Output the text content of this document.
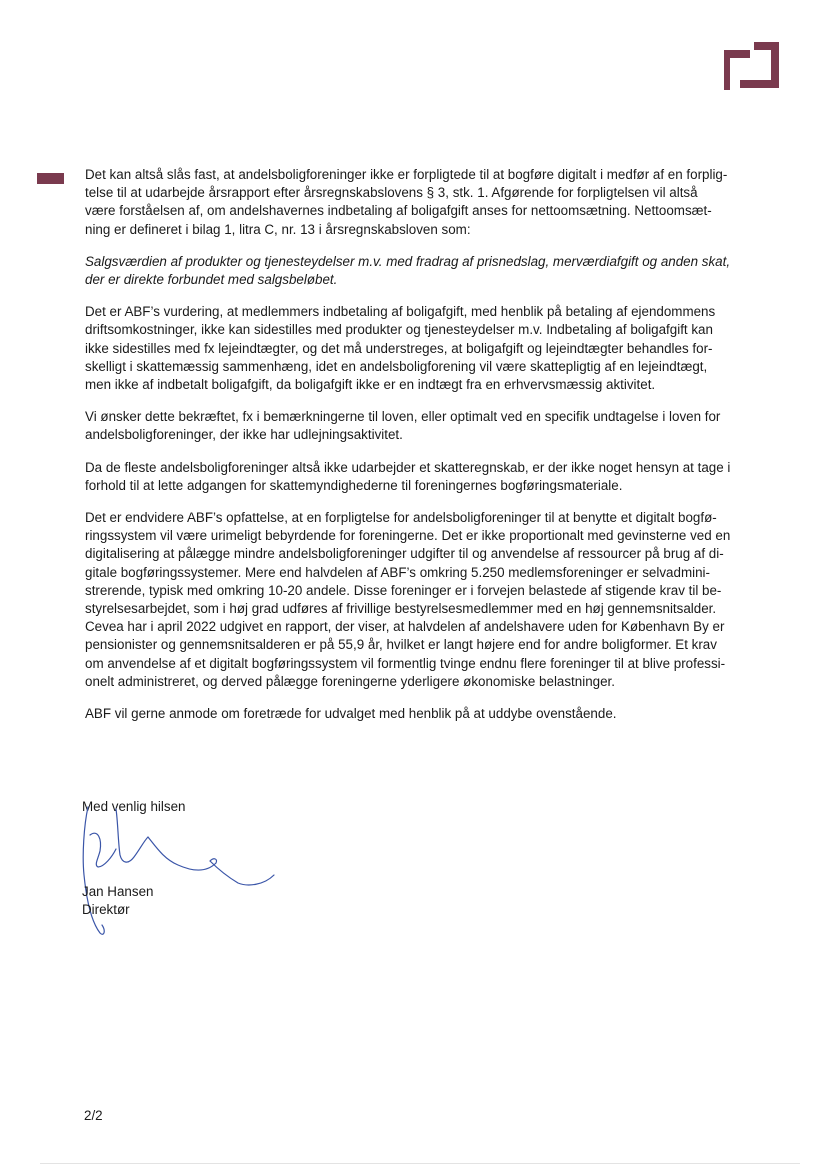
Det kan altså slås fast, at andelsboligforeninger ikke er forpligtede til at bogføre digitalt i medfør af en forplig-

telse til at udarbejde årsrapport efter årsregnskabslovens § 3, stk. 1. Afgørende for forpligtelsen vil altså

være forståelsen af, om andelshavernes indbetaling af boligafgift anses for nettoomsætning. Nettoomsæt-

ning er defineret i bilag 1, litra C, nr. 13 i årsregnskabsloven som:

Salgsværdien af produkter og tjenesteydelser m.v. med fradrag af prisnedslag, merværdiafgift og anden skat,

der er direkte forbundet med salgsbeløbet.

Det er ABF’s vurdering, at medlemmers indbetaling af boligafgift, med henblik på betaling af ejendommens

driftsomkostninger, ikke kan sidestilles med produkter og tjenesteydelser m.v. Indbetaling af boligafgift kan

ikke sidestilles med fx lejeindtægter, og det må understreges, at boligafgift og lejeindtægter behandles for-

skelligt i skattemæssig sammenhæng, idet en andelsboligforening vil være skattepligtig af en lejeindtægt,

men ikke af indbetalt boligafgift, da boligafgift ikke er en indtægt fra en erhvervsmæssig aktivitet.

Vi ønsker dette bekræftet, fx i bemærkningerne til loven, eller optimalt ved en specifik undtagelse i loven for

andelsboligforeninger, der ikke har udlejningsaktivitet.

Da de fleste andelsboligforeninger altså ikke udarbejder et skatteregnskab, er der ikke noget hensyn at tage i

forhold til at lette adgangen for skattemyndighederne til foreningernes bogføringsmateriale.

Det er endvidere ABF’s opfattelse, at en forpligtelse for andelsboligforeninger til at benytte et digitalt bogfø-

ringssystem vil være urimeligt bebyrdende for foreningerne. Det er ikke proportionalt med gevinsterne ved en

digitalisering at pålægge mindre andelsboligforeninger udgifter til og anvendelse af ressourcer på brug af di-

gitale bogføringssystemer. Mere end halvdelen af ABF’s omkring 5.250 medlemsforeninger er selvadmini-

strerende, typisk med omkring 10-20 andele. Disse foreninger er i forvejen belastede af stigende krav til be-

styrelsesarbejdet, som i høj grad udføres af frivillige bestyrelsesmedlemmer med en høj gennemsnitsalder.

Cevea har i april 2022 udgivet en rapport, der viser, at halvdelen af andelshavere uden for København By er

pensionister og gennemsnitsalderen er på 55,9 år, hvilket er langt højere end for andre boligformer. Et krav

om anvendelse af et digitalt bogføringssystem vil formentlig tvinge endnu flere foreninger til at blive professi-

onelt administreret, og derved pålægge foreningerne yderligere økonomiske belastninger.

ABF vil gerne anmode om foretræde for udvalget med henblik på at uddybe ovenstående.

Med venlig hilsen
Jan Hansen
Direktør
2/2
